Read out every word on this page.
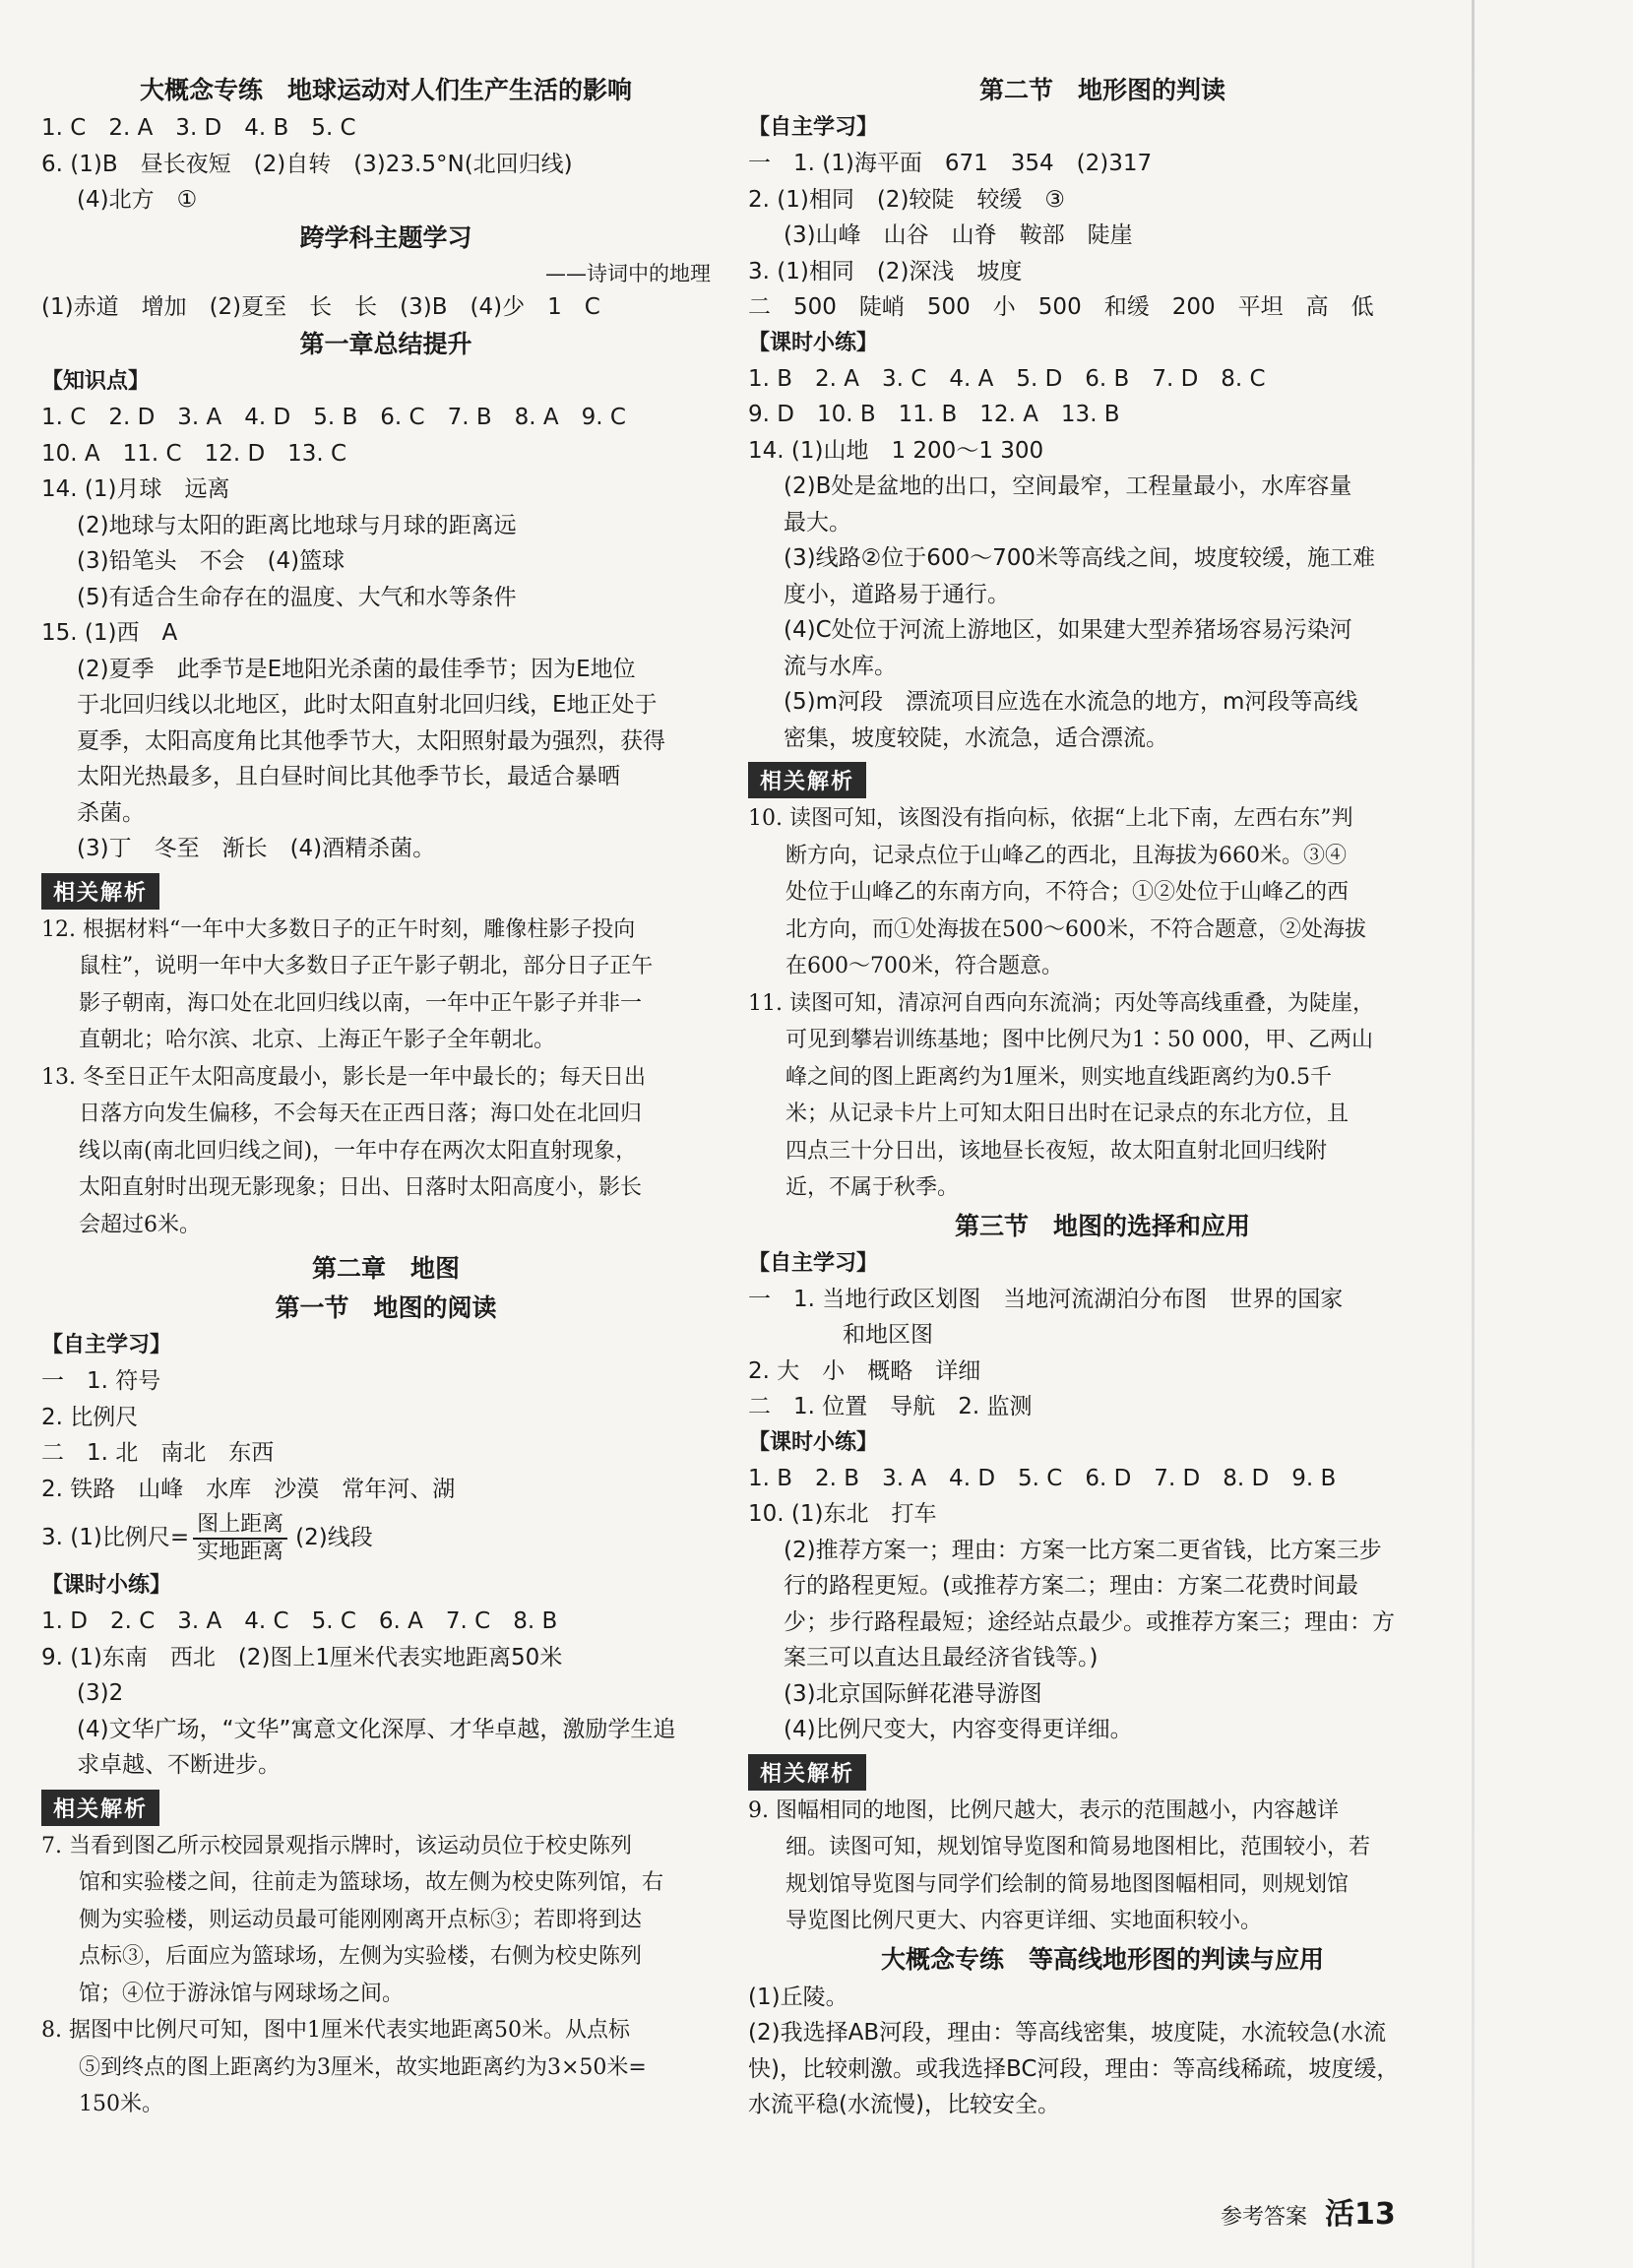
大概念专练　地球运动对人们生产生活的影响
1. C　2. A　3. D　4. B　5. C
6. (1)B　昼长夜短　(2)自转　(3)23.5°N(北回归线)
(4)北方　①
跨学科主题学习
——诗词中的地理
(1)赤道　增加　(2)夏至　长　长　(3)B　(4)少　1　C
第一章总结提升
【知识点】
1. C　2. D　3. A　4. D　5. B　6. C　7. B　8. A　9. C
10. A　11. C　12. D　13. C
14. (1)月球　远离
(2)地球与太阳的距离比地球与月球的距离远
(3)铅笔头　不会　(4)篮球
(5)有适合生命存在的温度、大气和水等条件
15. (1)西　A
(2)夏季　此季节是E地阳光杀菌的最佳季节；因为E地位
于北回归线以北地区，此时太阳直射北回归线，E地正处于
夏季，太阳高度角比其他季节大，太阳照射最为强烈，获得
太阳光热最多，且白昼时间比其他季节长，最适合暴晒
杀菌。
(3)丁　冬至　渐长　(4)酒精杀菌。
相关解析
12. 根据材料“一年中大多数日子的正午时刻，雕像柱影子投向
鼠柱”，说明一年中大多数日子正午影子朝北，部分日子正午
影子朝南，海口处在北回归线以南，一年中正午影子并非一
直朝北；哈尔滨、北京、上海正午影子全年朝北。
13. 冬至日正午太阳高度最小，影长是一年中最长的；每天日出
日落方向发生偏移，不会每天在正西日落；海口处在北回归
线以南(南北回归线之间)，一年中存在两次太阳直射现象，
太阳直射时出现无影现象；日出、日落时太阳高度小，影长
会超过6米。
第二章　地图
第一节　地图的阅读
【自主学习】
一　1. 符号
2. 比例尺
二　1. 北　南北　东西
2. 铁路　山峰　水库　沙漠　常年河、湖
3. (1)比例尺= $\frac{\text{图上距离}}{\text{实地距离}} (2)$线段
【课时小练】
1. D　2. C　3. A　4. C　5. C　6. A　7. C　8. B
9. (1)东南　西北　(2)图上1厘米代表实地距离50米
(3)2
(4)文华广场，“文华”寓意文化深厚、才华卓越，激励学生追
求卓越、不断进步。
相关解析
7. 当看到图乙所示校园景观指示牌时，该运动员位于校史陈列
馆和实验楼之间，往前走为篮球场，故左侧为校史陈列馆，右
侧为实验楼，则运动员最可能刚刚离开点标③；若即将到达
点标③，后面应为篮球场，左侧为实验楼，右侧为校史陈列
馆；④位于游泳馆与网球场之间。
8. 据图中比例尺可知，图中1厘米代表实地距离50米。从点标
⑤到终点的图上距离约为3厘米，故实地距离约为3×50米=
150米。
第二节　地形图的判读
【自主学习】
一　1. (1)海平面　671　354　(2)317
2. (1)相同　(2)较陡　较缓　③
(3)山峰　山谷　山脊　鞍部　陡崖
3. (1)相同　(2)深浅　坡度
二　500　陡峭　500　小　500　和缓　200　平坦　高　低
【课时小练】
1. B　2. A　3. C　4. A　5. D　6. B　7. D　8. C
9. D　10. B　11. B　12. A　13. B
14. (1)山地　1 200～1 300
(2)B处是盆地的出口，空间最窄，工程量最小，水库容量
最大。
(3)线路②位于600～700米等高线之间，坡度较缓，施工难
度小，道路易于通行。
(4)C处位于河流上游地区，如果建大型养猪场容易污染河
流与水库。
(5)m河段　漂流项目应选在水流急的地方，m河段等高线
密集，坡度较陡，水流急，适合漂流。
相关解析
10. 读图可知，该图没有指向标，依据“上北下南，左西右东”判
断方向，记录点位于山峰乙的西北，且海拔为660米。③④
处位于山峰乙的东南方向，不符合；①②处位于山峰乙的西
北方向，而①处海拔在500～600米，不符合题意，②处海拔
在600～700米，符合题意。
11. 读图可知，清凉河自西向东流淌；丙处等高线重叠，为陡崖，
可见到攀岩训练基地；图中比例尺为1∶50 000，甲、乙两山
峰之间的图上距离约为1厘米，则实地直线距离约为0.5千
米；从记录卡片上可知太阳日出时在记录点的东北方位，且
四点三十分日出，该地昼长夜短，故太阳直射北回归线附
近，不属于秋季。
第三节　地图的选择和应用
【自主学习】
一　1. 当地行政区划图　当地河流湖泊分布图　世界的国家
和地区图
2. 大　小　概略　详细
二　1. 位置　导航　2. 监测
【课时小练】
1. B　2. B　3. A　4. D　5. C　6. D　7. D　8. D　9. B
10. (1)东北　打车
(2)推荐方案一；理由：方案一比方案二更省钱，比方案三步
行的路程更短。(或推荐方案二；理由：方案二花费时间最
少；步行路程最短；途经站点最少。或推荐方案三；理由：方
案三可以直达且最经济省钱等。)
(3)北京国际鲜花港导游图
(4)比例尺变大，内容变得更详细。
相关解析
9. 图幅相同的地图，比例尺越大，表示的范围越小，内容越详
细。读图可知，规划馆导览图和简易地图相比，范围较小，若
规划馆导览图与同学们绘制的简易地图图幅相同，则规划馆
导览图比例尺更大、内容更详细、实地面积较小。
大概念专练　等高线地形图的判读与应用
(1)丘陵。
(2)我选择AB河段，理由：等高线密集，坡度陡，水流较急(水流
快)，比较刺激。或我选择BC河段，理由：等高线稀疏，坡度缓，
水流平稳(水流慢)，比较安全。
参考答案 活13
